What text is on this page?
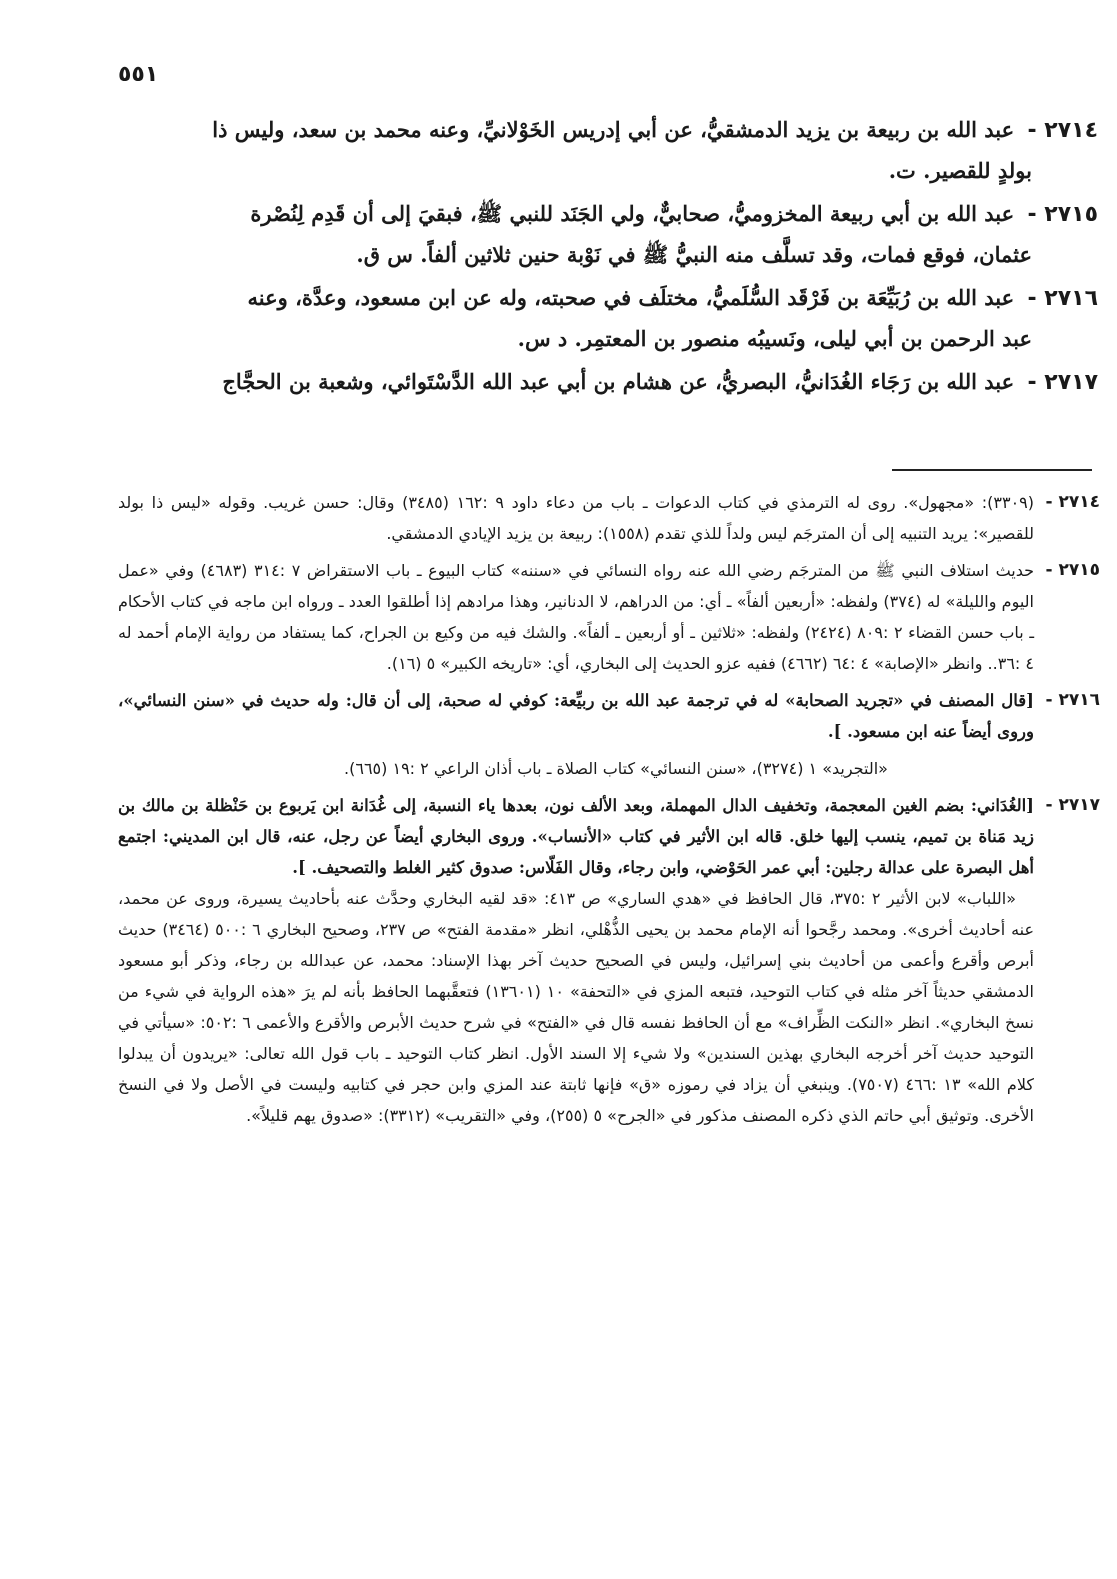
٥٥١
٢٧١٤ - عبد الله بن ربيعة بن يزيد الدمشقيُّ، عن أبي إدريس الخَوْلانيِّ، وعنه محمد بن سعد، وليس ذا
بولدٍ للقصير. ت.
٢٧١٥ - عبد الله بن أبي ربيعة المخزوميُّ، صحابيٌّ، ولي الجَنَد للنبي ﷺ، فبقيَ إلى أن قَدِم لِنُصْرة
عثمان، فوقع فمات، وقد تسلَّف منه النبيُّ ﷺ في نَوْبة حنين ثلاثين ألفاً. س ق.
٢٧١٦ - عبد الله بن رُبَيِّعَة بن فَرْقَد السُّلَميُّ، مختلَف في صحبته، وله عن ابن مسعود، وعدَّة، وعنه
عبد الرحمن بن أبي ليلى، ونَسيبُه منصور بن المعتمِر. د س.
٢٧١٧ - عبد الله بن رَجَاء الغُدَانيُّ، البصريُّ، عن هشام بن أبي عبد الله الدَّسْتَوائي، وشعبة بن الحجَّاج
٢٧١٤ -
(٣٣٠٩): «مجهول». روى له الترمذي في كتاب الدعوات ـ باب من دعاء داود ٩ :١٦٢ (٣٤٨٥) وقال: حسن غريب. وقوله «ليس ذا بولد للقصير»: يريد التنبيه إلى أن المترجَم ليس ولداً للذي تقدم (١٥٥٨): ربيعة بن يزيد الإيادي الدمشقي.
٢٧١٥ -
حديث استلاف النبي ﷺ من المترجَم رضي الله عنه رواه النسائي في «سننه» كتاب البيوع ـ باب الاستقراض ٧ :٣١٤ (٤٦٨٣) وفي «عمل اليوم والليلة» له (٣٧٤) ولفظه: «أربعين ألفاً» ـ أي: من الدراهم، لا الدنانير، وهذا مرادهم إذا أطلقوا العدد ـ ورواه ابن ماجه في كتاب الأحكام ـ باب حسن القضاء ٢ :٨٠٩ (٢٤٢٤) ولفظه: «ثلاثين ـ أو أربعين ـ ألفاً». والشك فيه من وكيع بن الجراح، كما يستفاد من رواية الإمام أحمد له ٤ :٣٦.. وانظر «الإصابة» ٤ :٦٤ (٤٦٦٢) ففيه عزو الحديث إلى البخاري، أي: «تاريخه الكبير» ٥ (١٦).
٢٧١٦ -
[قال المصنف في «تجريد الصحابة» له في ترجمة عبد الله بن ربيِّعة: كوفي له صحبة، إلى أن قال: وله حديث في «سنن النسائي»، وروى أيضاً عنه ابن مسعود. ].
«التجريد» ١ (٣٢٧٤)، «سنن النسائي» كتاب الصلاة ـ باب أذان الراعي ٢ :١٩ (٦٦٥).
٢٧١٧ -
[الغُدَاني: بضم الغين المعجمة، وتخفيف الدال المهملة، وبعد الألف نون، بعدها ياء النسبة، إلى غُدَانة ابن يَربوع بن حَنْظلة بن مالك بن زيد مَناة بن تميم، ينسب إليها خلق. قاله ابن الأثير في كتاب «الأنساب». وروى البخاري أيضاً عن رجل، عنه، قال ابن المديني: اجتمع أهل البصرة على عدالة رجلين: أبي عمر الحَوْضي، وابن رجاء، وقال الفَلّاس: صدوق كثير الغلط والتصحيف. ].
«اللباب» لابن الأثير ٢ :٣٧٥، قال الحافظ في «هدي الساري» ص ٤١٣: «قد لقيه البخاري وحدَّث عنه بأحاديث يسيرة، وروى عن محمد، عنه أحاديث أخرى». ومحمد رجَّحوا أنه الإمام محمد بن يحيى الذُّهْلي، انظر «مقدمة الفتح» ص ٢٣٧، وصحيح البخاري ٦ :٥٠٠ (٣٤٦٤) حديث أبرص وأقرع وأعمى من أحاديث بني إسرائيل، وليس في الصحيح حديث آخر بهذا الإسناد: محمد، عن عبدالله بن رجاء، وذكر أبو مسعود الدمشقي حديثاً آخر مثله في كتاب التوحيد، فتبعه المزي في «التحفة» ١٠ (١٣٦٠١) فتعقَّبهما الحافظ بأنه لم يرَ «هذه الرواية في شيء من نسخ البخاري». انظر «النكت الظِّراف» مع أن الحافظ نفسه قال في «الفتح» في شرح حديث الأبرص والأقرع والأعمى ٦ :٥٠٢: «سيأتي في التوحيد حديث آخر أخرجه البخاري بهذين السندين» ولا شيء إلا السند الأول. انظر كتاب التوحيد ـ باب قول الله تعالى: «يريدون أن يبدلوا كلام الله» ١٣ :٤٦٦ (٧٥٠٧). وينبغي أن يزاد في رموزه «ق» فإنها ثابتة عند المزي وابن حجر في كتابيه وليست في الأصل ولا في النسخ الأخرى. وتوثيق أبي حاتم الذي ذكره المصنف مذكور في «الجرح» ٥ (٢٥٥)، وفي «التقريب» (٣٣١٢): «صدوق يهم قليلاً».
